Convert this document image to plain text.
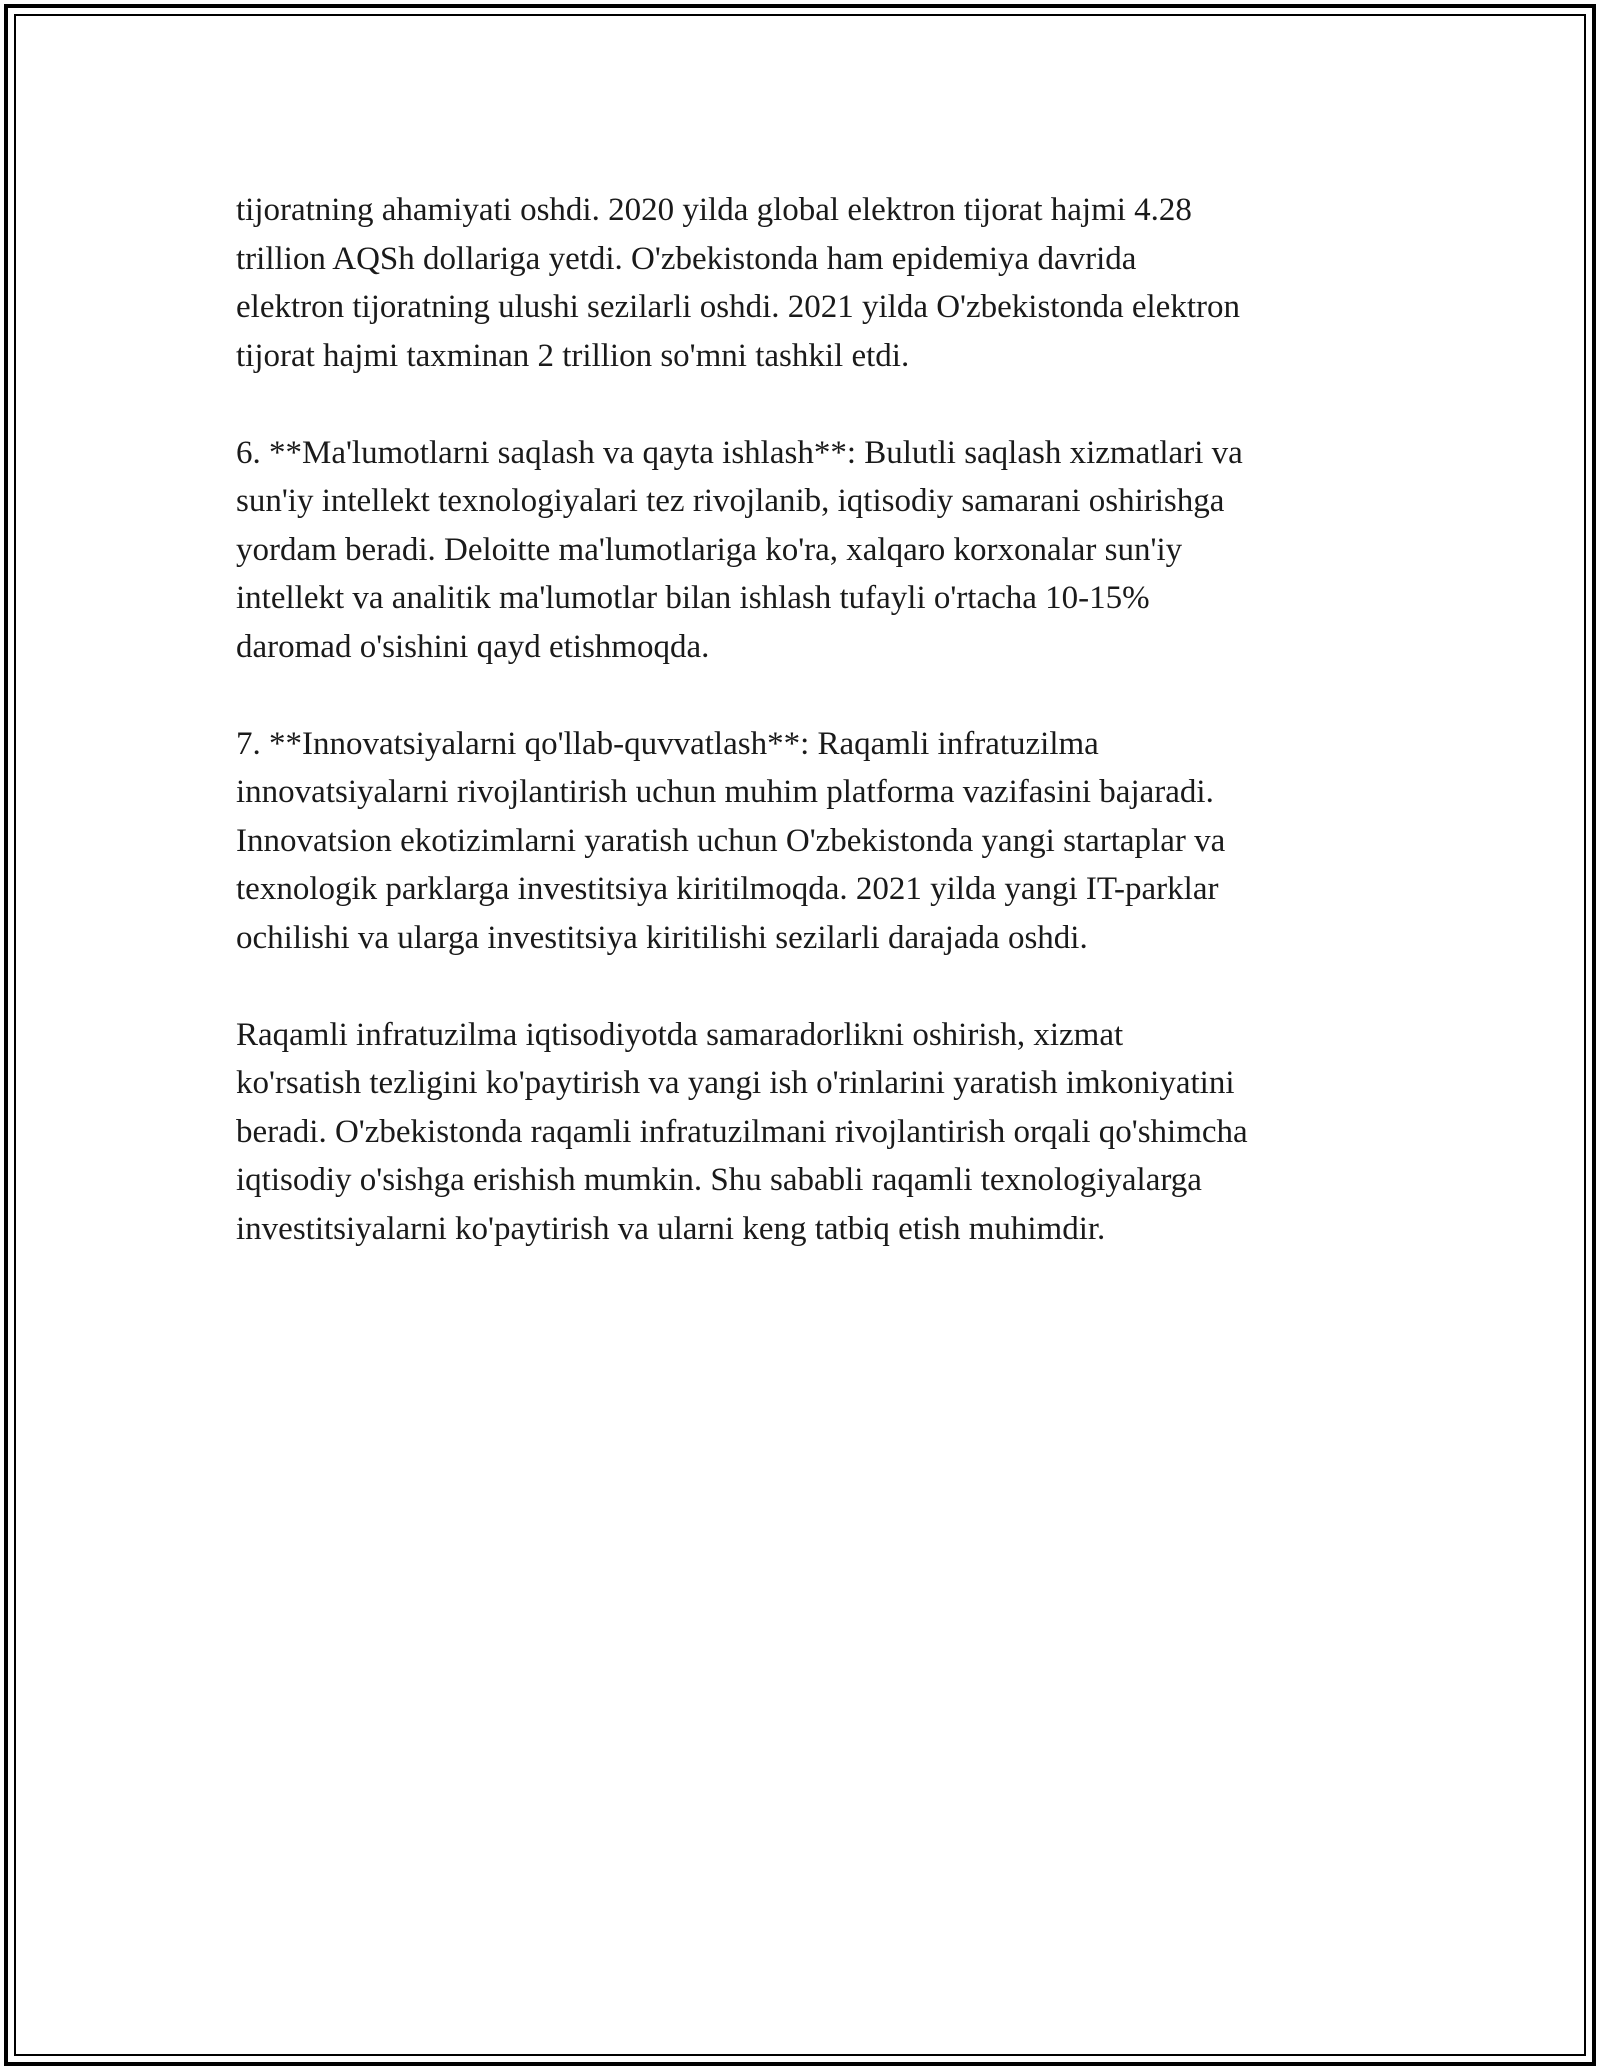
tijoratning ahamiyati oshdi. 2020 yilda global elektron tijorat hajmi 4.28
trillion AQSh dollariga yetdi. O'zbekistonda ham epidemiya davrida
elektron tijoratning ulushi sezilarli oshdi. 2021 yilda O'zbekistonda elektron
tijorat hajmi taxminan 2 trillion so'mni tashkil etdi.

6. **Ma'lumotlarni saqlash va qayta ishlash**: Bulutli saqlash xizmatlari va
sun'iy intellekt texnologiyalari tez rivojlanib, iqtisodiy samarani oshirishga
yordam beradi. Deloitte ma'lumotlariga ko'ra, xalqaro korxonalar sun'iy
intellekt va analitik ma'lumotlar bilan ishlash tufayli o'rtacha 10-15%
daromad o'sishini qayd etishmoqda.

7. **Innovatsiyalarni qo'llab-quvvatlash**: Raqamli infratuzilma
innovatsiyalarni rivojlantirish uchun muhim platforma vazifasini bajaradi.
Innovatsion ekotizimlarni yaratish uchun O'zbekistonda yangi startaplar va
texnologik parklarga investitsiya kiritilmoqda. 2021 yilda yangi IT-parklar
ochilishi va ularga investitsiya kiritilishi sezilarli darajada oshdi.

Raqamli infratuzilma iqtisodiyotda samaradorlikni oshirish, xizmat
ko'rsatish tezligini ko'paytirish va yangi ish o'rinlarini yaratish imkoniyatini
beradi. O'zbekistonda raqamli infratuzilmani rivojlantirish orqali qo'shimcha
iqtisodiy o'sishga erishish mumkin. Shu sababli raqamli texnologiyalarga
investitsiyalarni ko'paytirish va ularni keng tatbiq etish muhimdir.
